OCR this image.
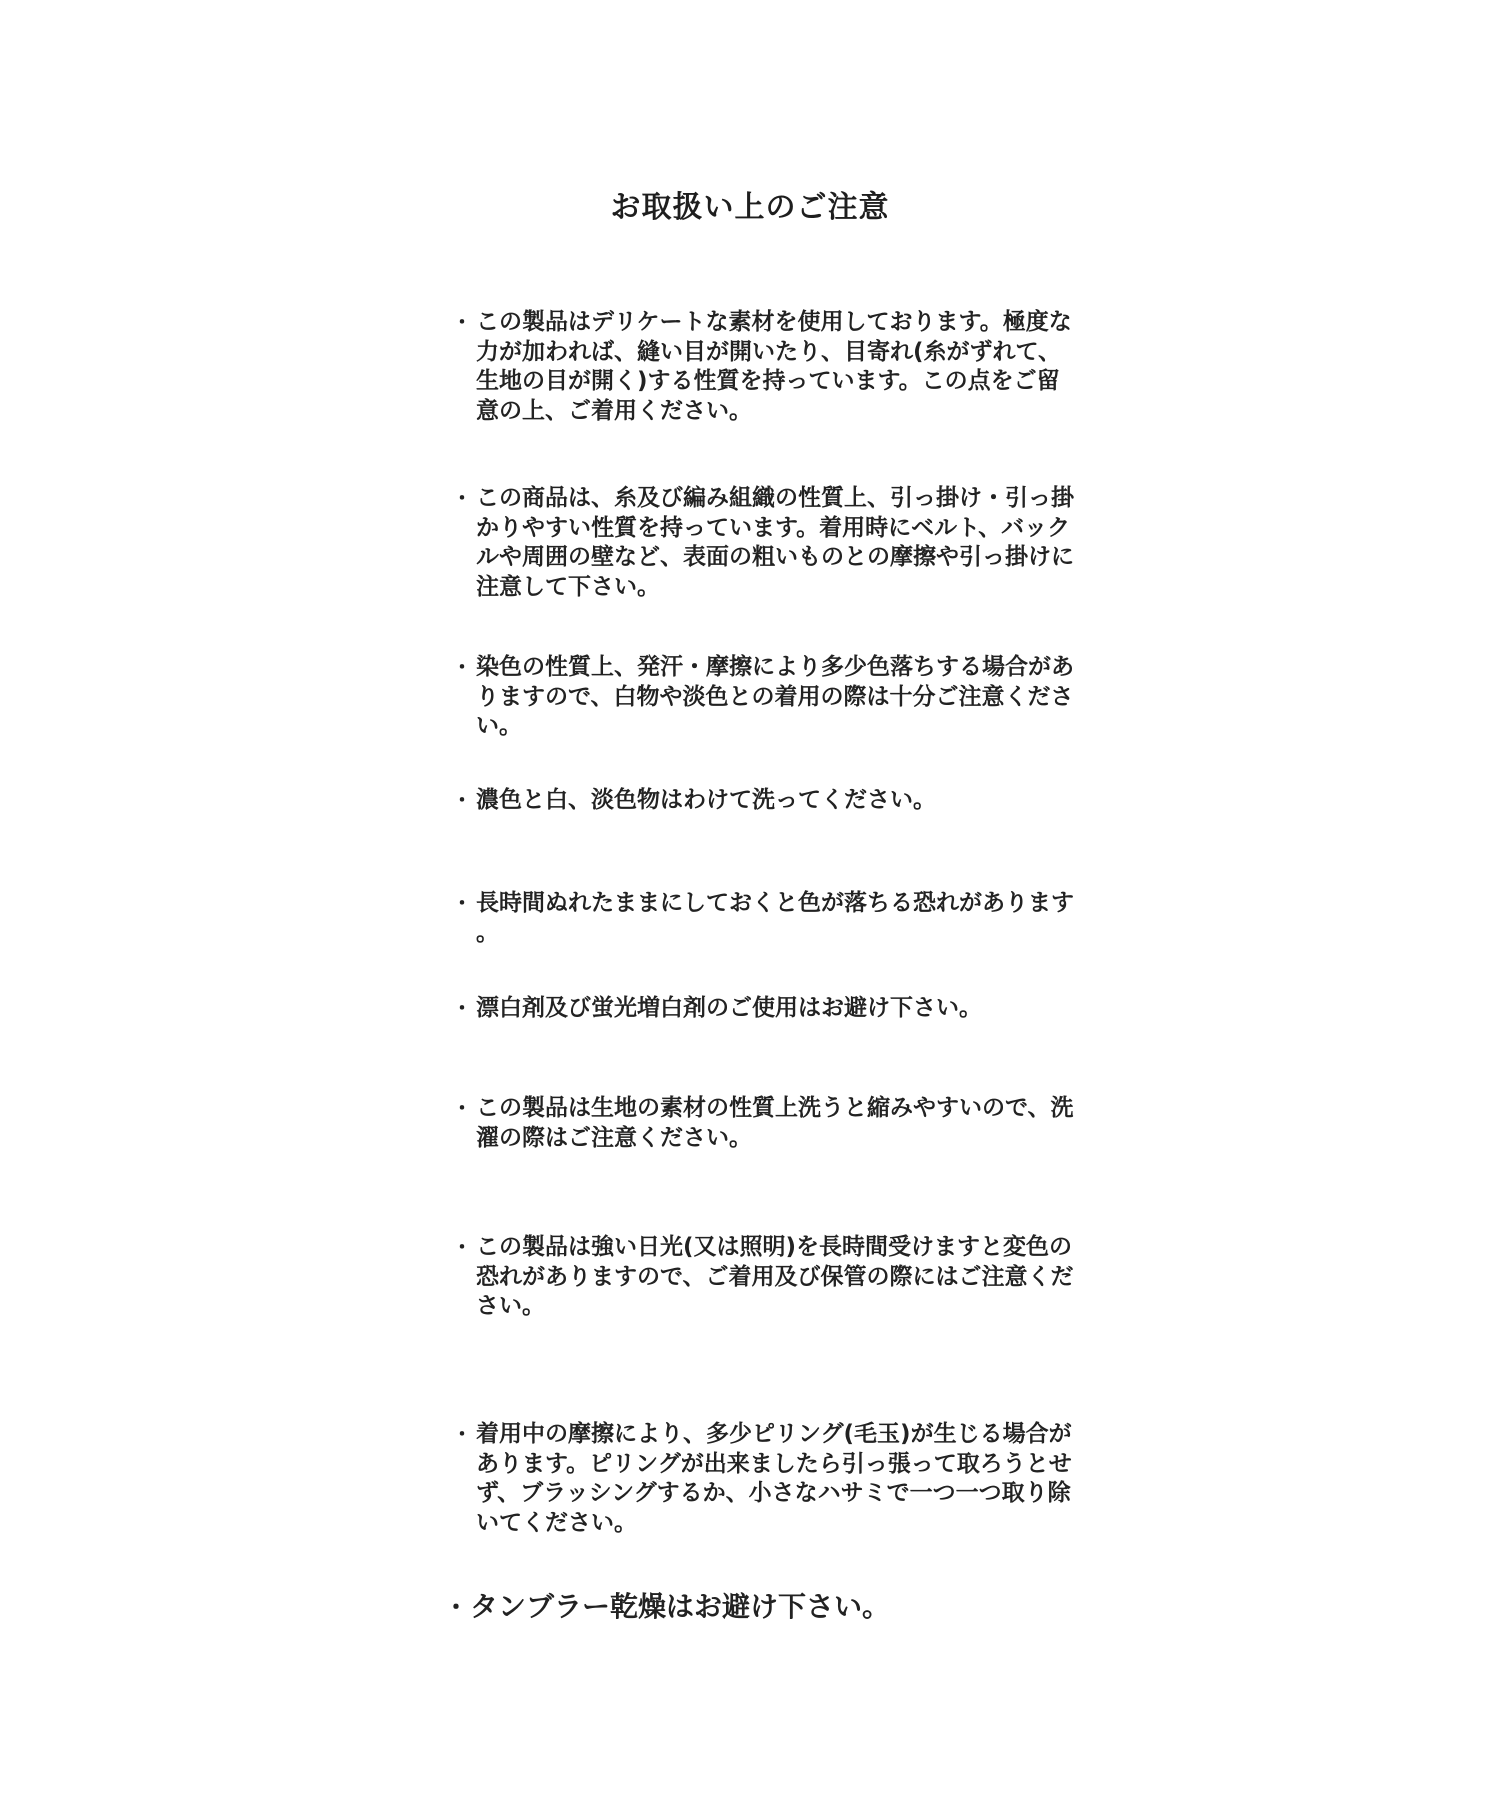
お取扱い上のご注意
・ この製品はデリケートな素材を使用しております。極度な力が加われば、縫い目が開いたり、目寄れ(糸がずれて、生地の目が開く)する性質を持っています。この点をご留意の上、ご着用ください。
・ この商品は、糸及び編み組織の性質上、引っ掛け・引っ掛かりやすい性質を持っています。着用時にベルト、バックルや周囲の壁など、表面の粗いものとの摩擦や引っ掛けに注意して下さい。
・ 染色の性質上、発汗・摩擦により多少色落ちする場合がありますので、白物や淡色との着用の際は十分ご注意ください。
・ 濃色と白、淡色物はわけて洗ってください。
・ 長時間ぬれたままにしておくと色が落ちる恐れがあります。
・ 漂白剤及び蛍光増白剤のご使用はお避け下さい。
・ この製品は生地の素材の性質上洗うと縮みやすいので、洗濯の際はご注意ください。
・ この製品は強い日光(又は照明)を長時間受けますと変色の恐れがありますので、ご着用及び保管の際にはご注意ください。
・ 着用中の摩擦により、多少ピリング(毛玉)が生じる場合があります。ピリングが出来ましたら引っ張って取ろうとせず、ブラッシングするか、小さなハサミで一つ一つ取り除いてください。
・ タンブラー乾燥はお避け下さい。
